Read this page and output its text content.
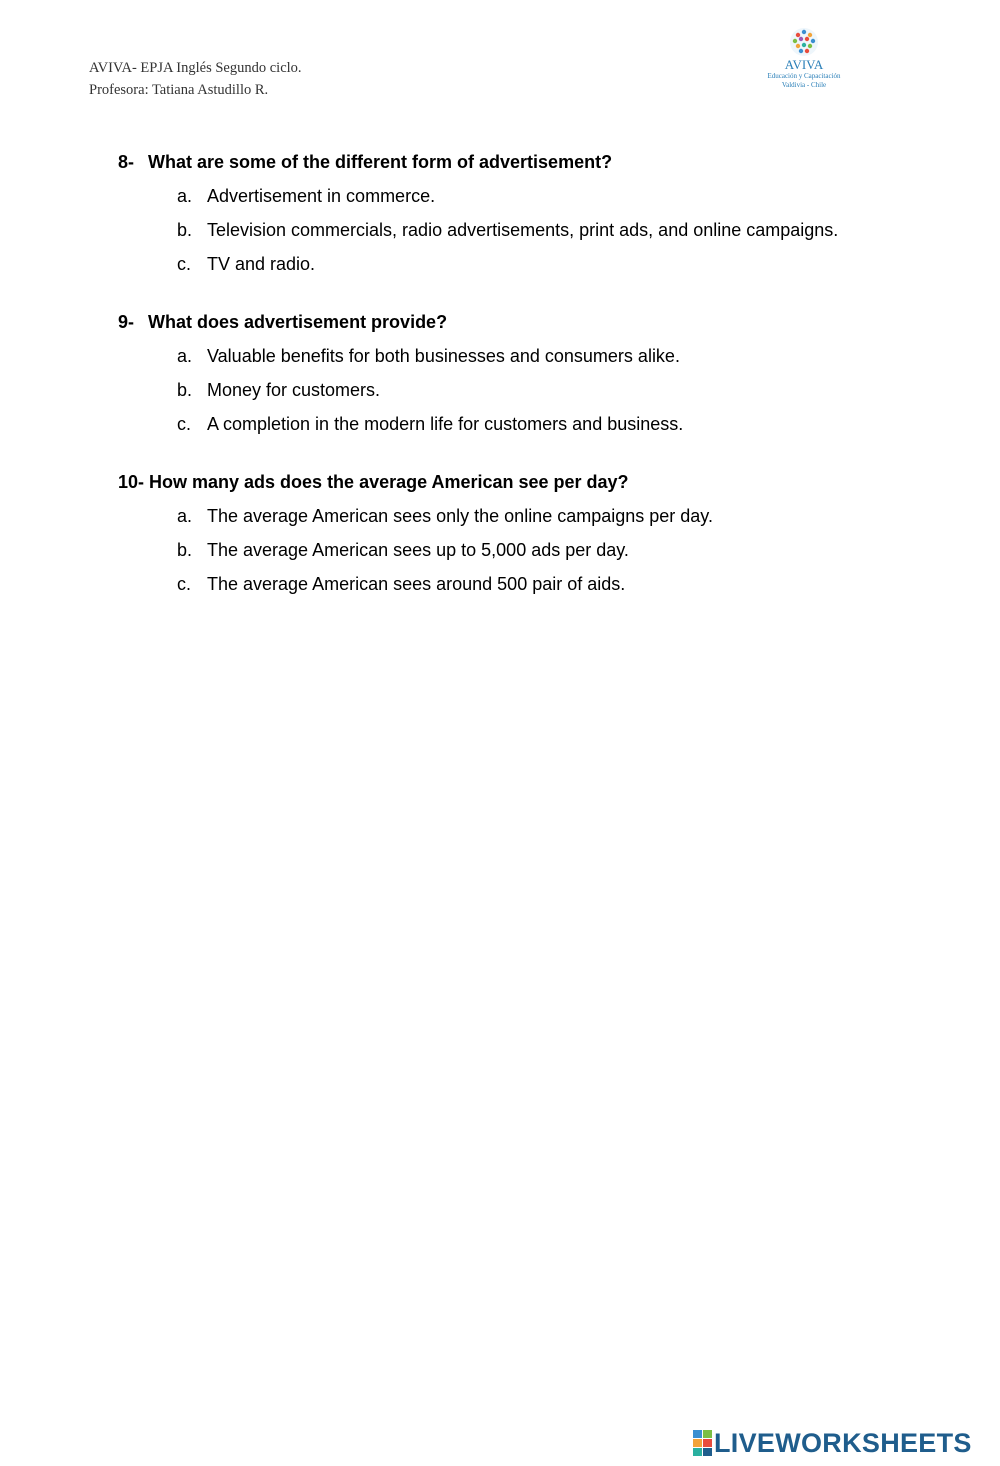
AVIVA- EPJA Inglés Segundo ciclo.
Profesora: Tatiana Astudillo R.
AVIVA
Educación y Capacitación
Valdivia - Chile
8- What are some of the different form of advertisement?
a. Advertisement in commerce.
b. Television commercials, radio advertisements, print ads, and online campaigns.
c. TV and radio.
9- What does advertisement provide?
a. Valuable benefits for both businesses and consumers alike.
b. Money for customers.
c. A completion in the modern life for customers and business.
10- How many ads does the average American see per day?
a. The average American sees only the online campaigns per day.
b. The average American sees up to 5,000 ads per day.
c. The average American sees around 500 pair of aids.
LIVEWORKSHEETS
